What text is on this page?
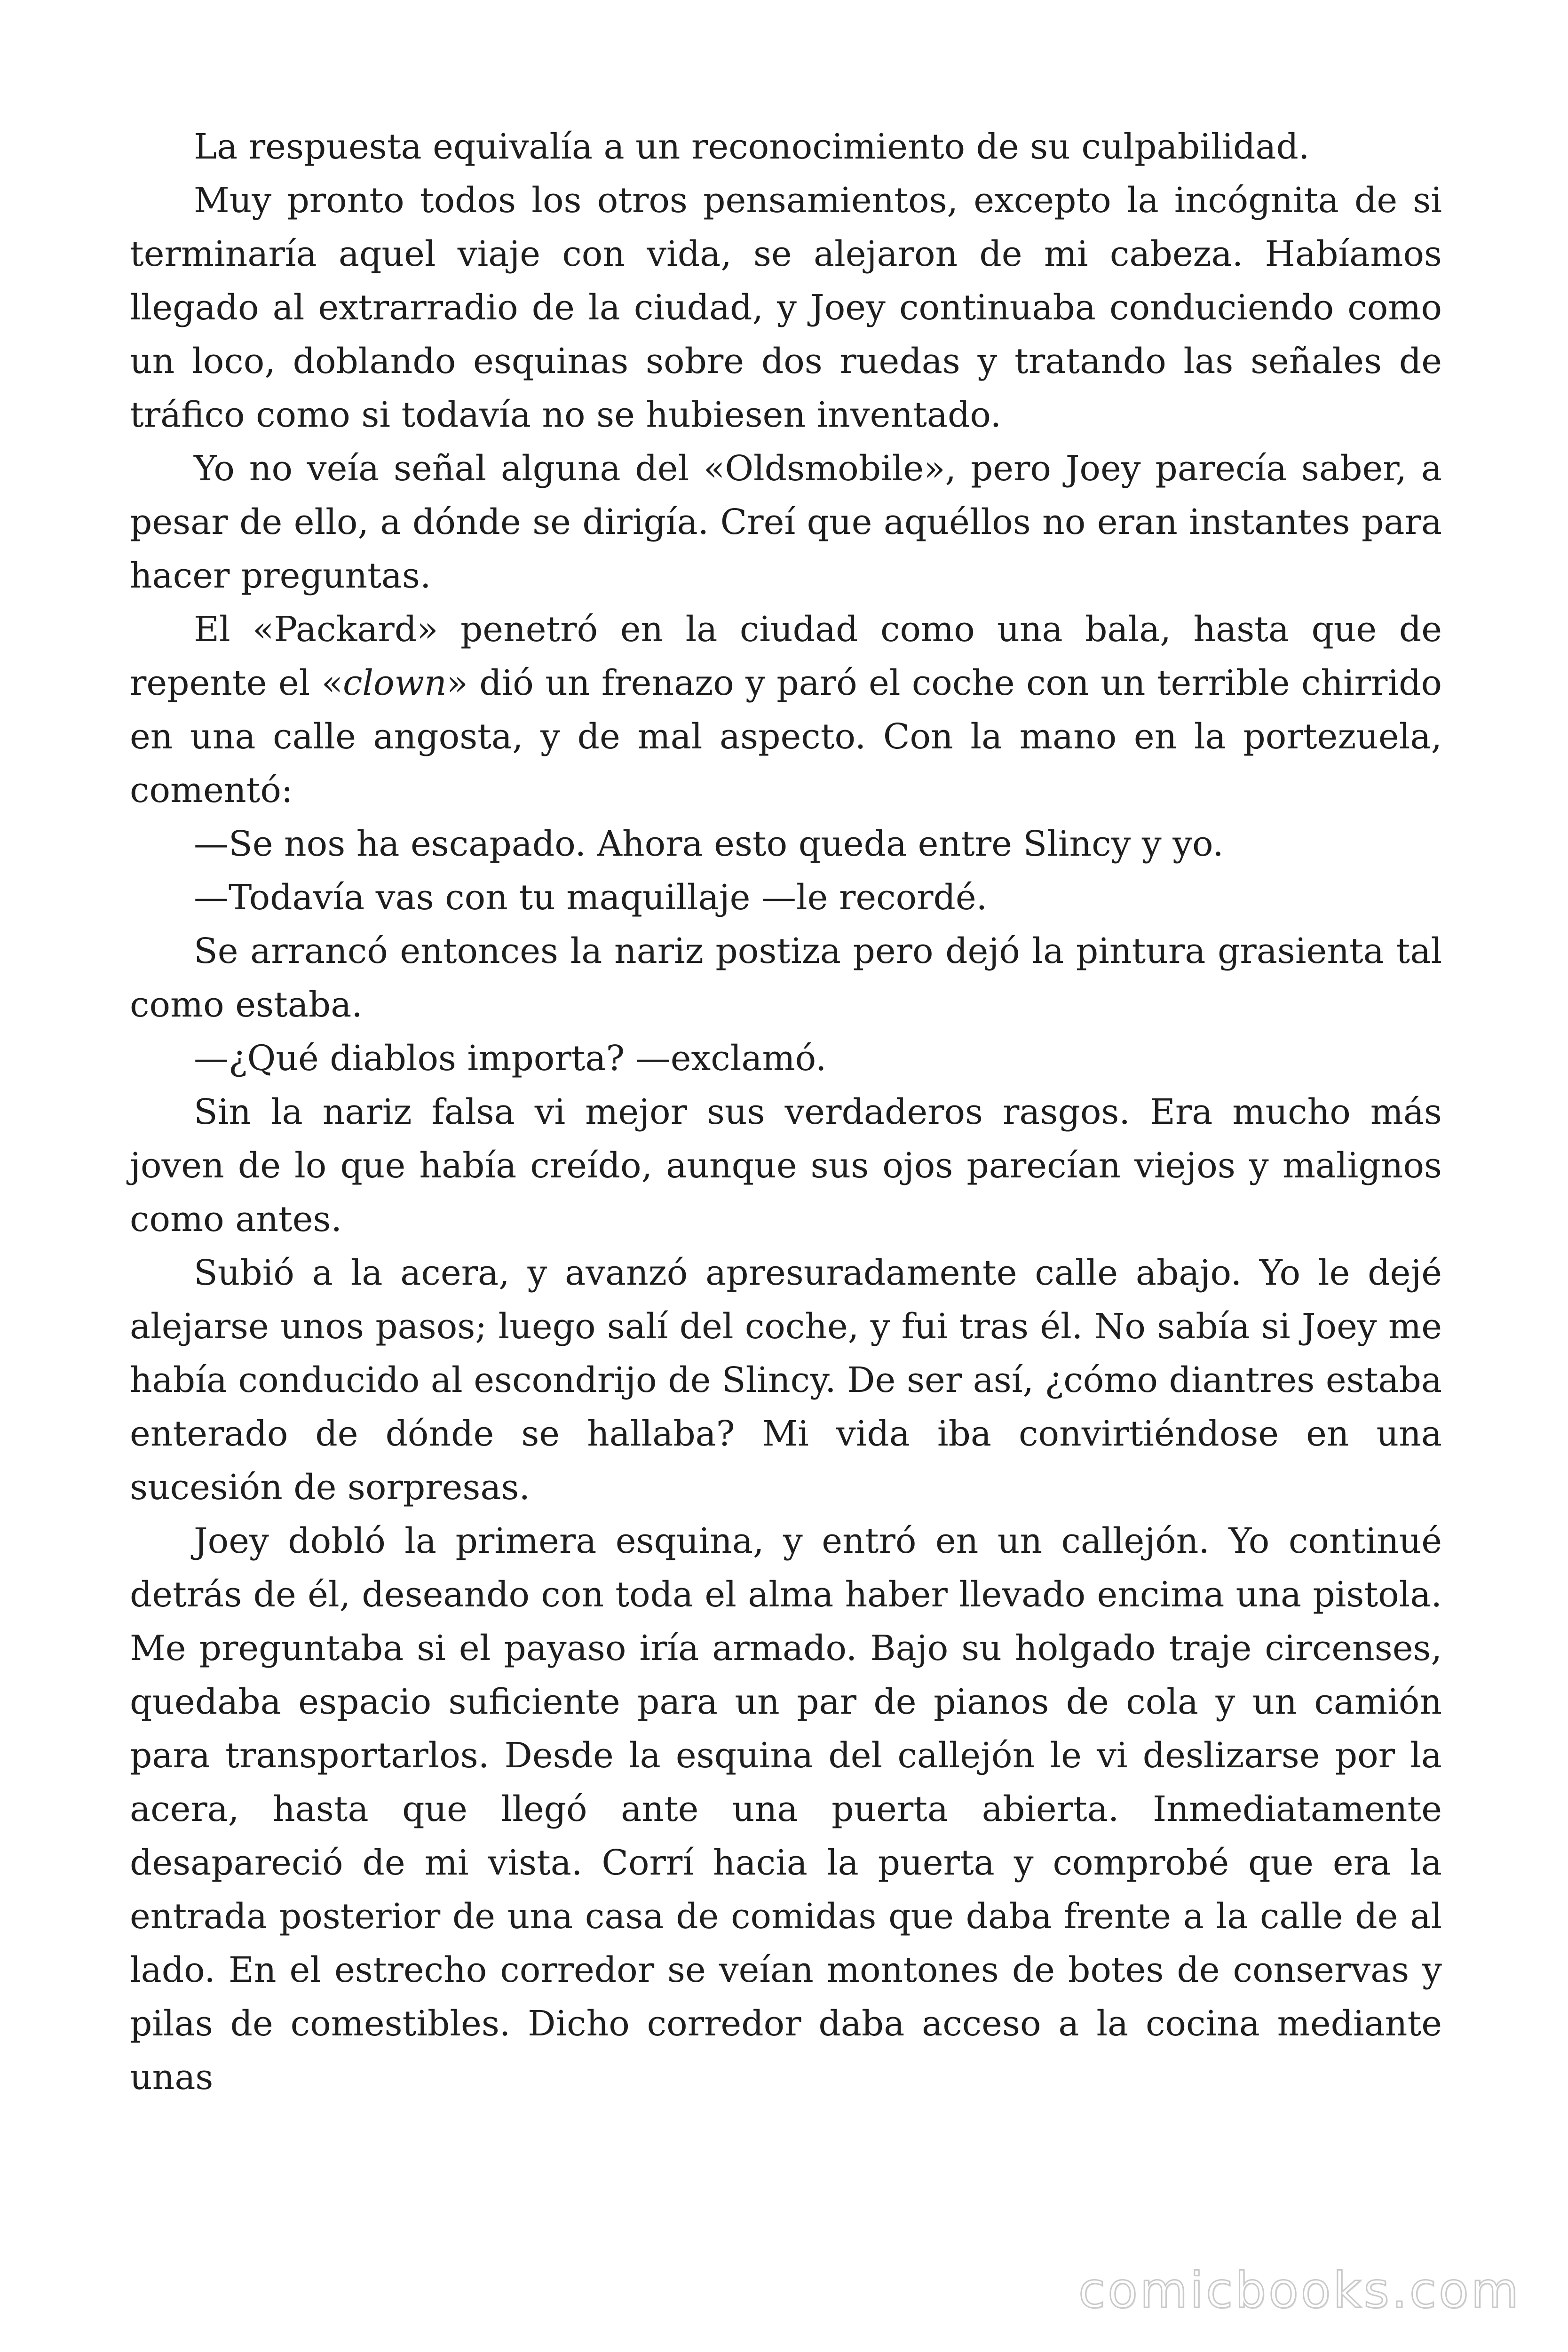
La respuesta equivalía a un reconocimiento de su culpabilidad.

Muy pronto todos los otros pensamientos, excepto la incógnita de si terminaría aquel viaje con vida, se alejaron de mi cabeza. Habíamos llegado al extrarradio de la ciudad, y Joey continuaba conduciendo como un loco, doblando esquinas sobre dos ruedas y tratando las señales de tráfico como si todavía no se hubiesen inventado.

Yo no veía señal alguna del «Oldsmobile», pero Joey parecía saber, a pesar de ello, a dónde se dirigía. Creí que aquéllos no eran instantes para hacer preguntas.

El «Packard» penetró en la ciudad como una bala, hasta que de repente el «clown» dió un frenazo y paró el coche con un terrible chirrido en una calle angosta, y de mal aspecto. Con la mano en la portezuela, comentó:

—Se nos ha escapado. Ahora esto queda entre Slincy y yo.

—Todavía vas con tu maquillaje —le recordé.

Se arrancó entonces la nariz postiza pero dejó la pintura grasienta tal como estaba.

—¿Qué diablos importa? —exclamó.

Sin la nariz falsa vi mejor sus verdaderos rasgos. Era mucho más joven de lo que había creído, aunque sus ojos parecían viejos y malignos como antes.

Subió a la acera, y avanzó apresuradamente calle abajo. Yo le dejé alejarse unos pasos; luego salí del coche, y fui tras él. No sabía si Joey me había conducido al escondrijo de Slincy. De ser así, ¿cómo diantres estaba enterado de dónde se hallaba? Mi vida iba convirtiéndose en una sucesión de sorpresas.

Joey dobló la primera esquina, y entró en un callejón. Yo continué detrás de él, deseando con toda el alma haber llevado encima una pistola. Me preguntaba si el payaso iría armado. Bajo su holgado traje circenses, quedaba espacio suficiente para un par de pianos de cola y un camión para transportarlos. Desde la esquina del callejón le vi deslizarse por la acera, hasta que llegó ante una puerta abierta. Inmediatamente desapareció de mi vista. Corrí hacia la puerta y comprobé que era la entrada posterior de una casa de comidas que daba frente a la calle de al lado. En el estrecho corredor se veían montones de botes de conservas y pilas de comestibles. Dicho corredor daba acceso a la cocina mediante unas

comicbooks.com
